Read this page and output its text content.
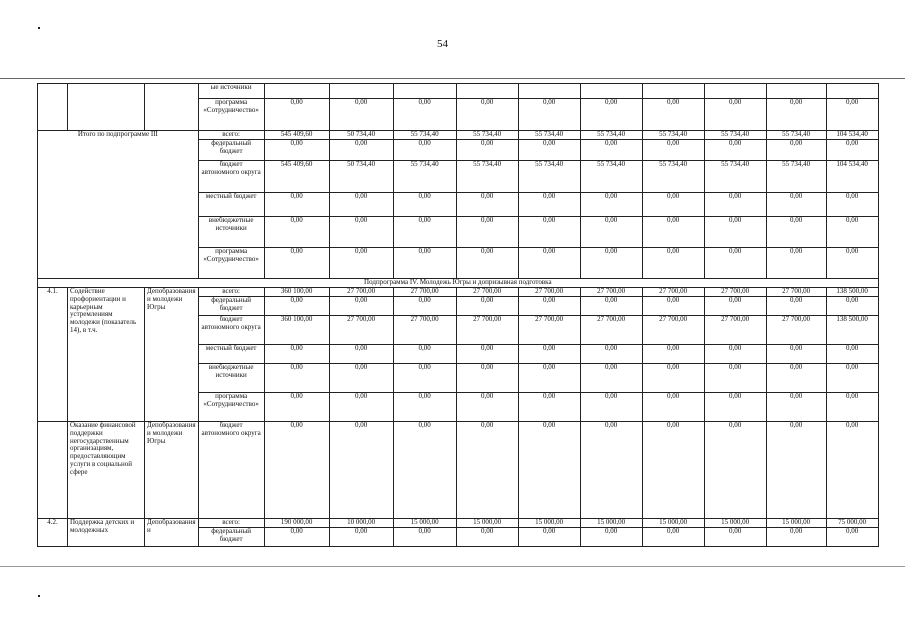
54
			ые источники										
			программа «Сотрудничество»	0,00	0,00	0,00	0,00	0,00	0,00	0,00	0,00	0,00	0,00
Итого по подпрограмме III			всего:	545 409,60	50 734,40	55 734,40	55 734,40	55 734,40	55 734,40	55 734,40	55 734,40	55 734,40	104 534,40
			федеральный бюджет	0,00	0,00	0,00	0,00	0,00	0,00	0,00	0,00	0,00	0,00
			бюджет автономного округа	545 409,60	50 734,40	55 734,40	55 734,40	55 734,40	55 734,40	55 734,40	55 734,40	55 734,40	104 534,40
			местный бюджет	0,00	0,00	0,00	0,00	0,00	0,00	0,00	0,00	0,00	0,00
			внебюджетные источники	0,00	0,00	0,00	0,00	0,00	0,00	0,00	0,00	0,00	0,00
			программа «Сотрудничество»	0,00	0,00	0,00	0,00	0,00	0,00	0,00	0,00	0,00	0,00
Подпрограмма IV. Молодежь Югры и допризывная подготовка													
4.1.	Содействие профориентации и карьерным устремлениям молодежи (показатель 14), в т.ч.	Депобразования и молодежи Югры	всего:	360 100,00	27 700,00	27 700,00	27 700,00	27 700,00	27 700,00	27 700,00	27 700,00	27 700,00	138 500,00
			федеральный бюджет	0,00	0,00	0,00	0,00	0,00	0,00	0,00	0,00	0,00	0,00
			бюджет автономного округа	360 100,00	27 700,00	27 700,00	27 700,00	27 700,00	27 700,00	27 700,00	27 700,00	27 700,00	138 500,00
			местный бюджет	0,00	0,00	0,00	0,00	0,00	0,00	0,00	0,00	0,00	0,00
			внебюджетные источники	0,00	0,00	0,00	0,00	0,00	0,00	0,00	0,00	0,00	0,00
			программа «Сотрудничество»	0,00	0,00	0,00	0,00	0,00	0,00	0,00	0,00	0,00	0,00
	Оказание финансовой поддержки негосударственным организациям, предоставляющим услуги в социальной сфере	Депобразования и молодежи Югры	бюджет автономного округа	0,00	0,00	0,00	0,00	0,00	0,00	0,00	0,00	0,00	0,00
4.2.	Поддержка детских и молодежных	Депобразования и	всего:	190 000,00	10 000,00	15 000,00	15 000,00	15 000,00	15 000,00	15 000,00	15 000,00	15 000,00	75 000,00
			федеральный бюджет	0,00	0,00	0,00	0,00	0,00	0,00	0,00	0,00	0,00	0,00
